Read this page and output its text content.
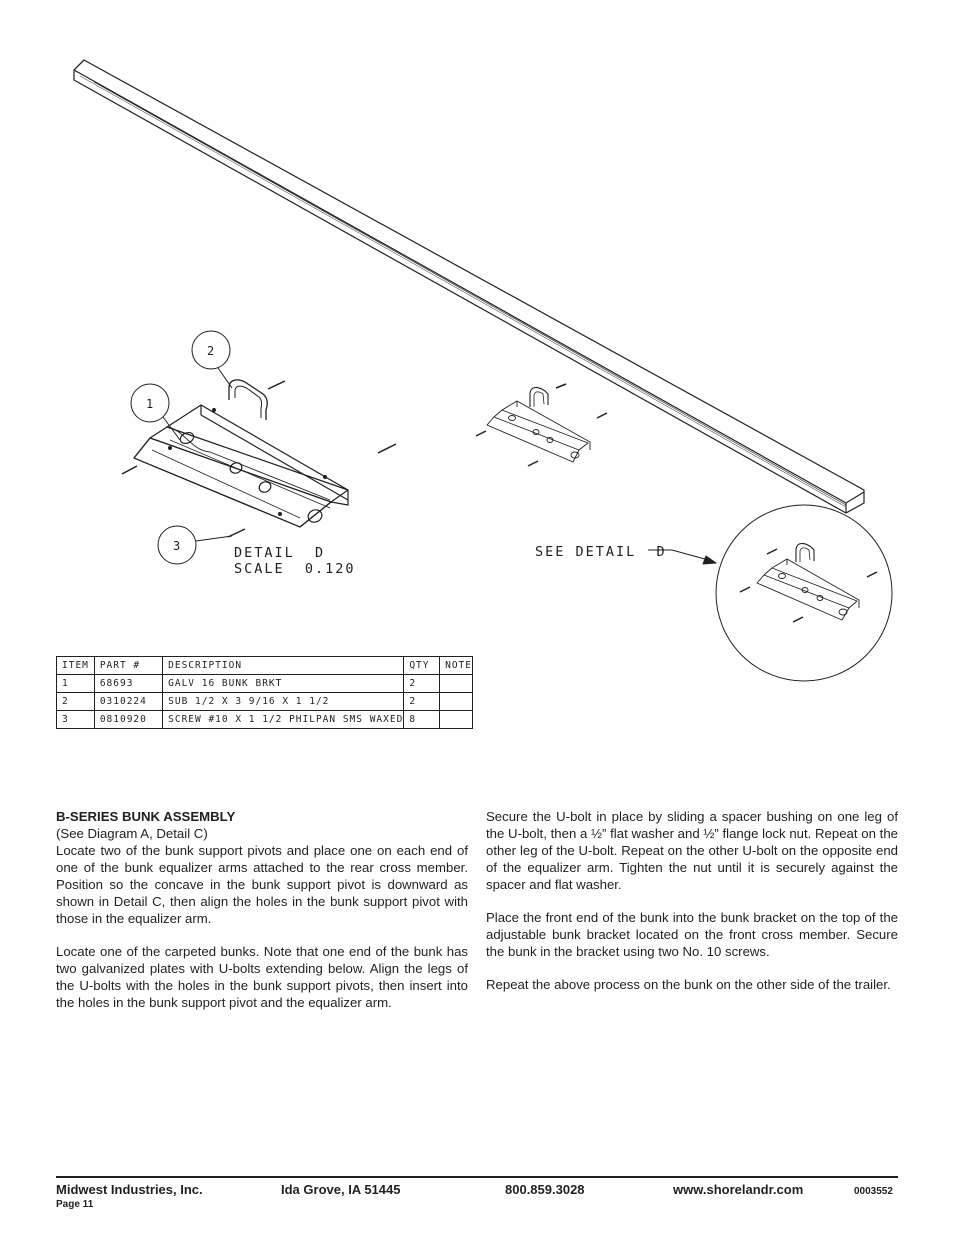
2
1
3	DETAIL  D
SCALE  0.120
SEE DETAIL  D
ITEM	PART #	DESCRIPTION	QTY	NOTE
1	68693	GALV 16 BUNK BRKT	2	
2	0310224	SUB 1/2 X 3 9/16 X 1 1/2	2	
3	0810920	SCREW #10 X 1 1/2 PHILPAN SMS WAXED	8	

B-SERIES BUNK ASSEMBLY

(See Diagram A, Detail C)

Locate two of the bunk support pivots and place one on each end of one of the bunk equalizer arms attached to the rear cross member. Position so the concave in the bunk support pivot is downward as shown in Detail C, then align the holes in the bunk support pivot with those in the equalizer arm.

Locate one of the carpeted bunks. Note that one end of the bunk has two galvanized plates with U-bolts extending below. Align the legs of the U-bolts with the holes in the bunk support pivots, then insert into the holes in the bunk support pivot and the equalizer arm.

Secure the U-bolt in place by sliding a spacer bushing on one leg of the U-bolt, then a ½” flat washer and ½” flange lock nut. Repeat on the other leg of the U-bolt. Repeat on the other U-bolt on the opposite end of the equalizer arm. Tighten the nut until it is securely against the spacer and flat washer.

Place the front end of the bunk into the bunk bracket on the top of the adjustable bunk bracket located on the front cross member. Secure the bunk in the bracket using two No. 10 screws.

Repeat the above process on the bunk on the other side of the trailer.

Midwest Industries, Inc.	Ida Grove, IA 51445	800.859.3028	www.shorelandr.com	0003552
Page 11
